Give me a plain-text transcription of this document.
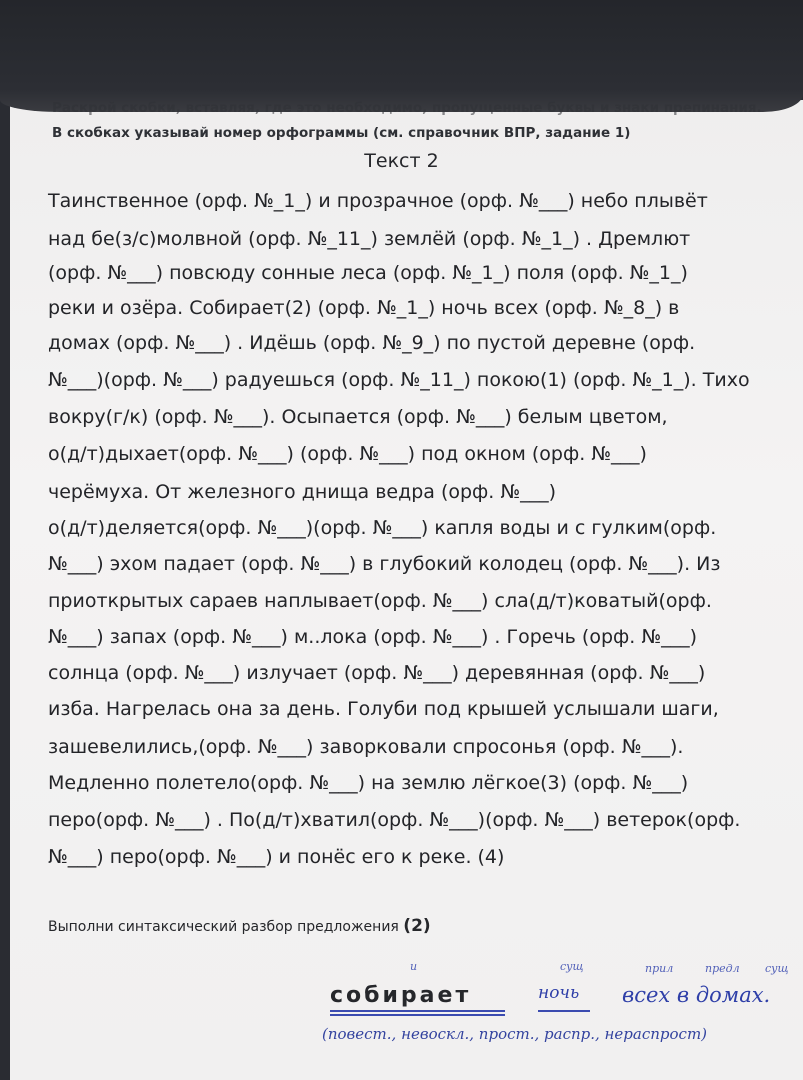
Раскрой скобки, вставляя, где это необходимо, пропущенные буквы и знаки препинания.
В скобках указывай номер орфограммы (см. справочник ВПР, задание 1)
Текст 2
Таинственное (орф. №_1_) и прозрачное (орф. №___) небо плывёт
над бе(з/с)молвной (орф. №_11_) землёй (орф. №_1_) . Дремлют
(орф. №___) повсюду сонные леса (орф. №_1_) поля (орф. №_1_)
реки и озёра. Собирает(2) (орф. №_1_) ночь всех (орф. №_8_) в
домах (орф. №___) . Идёшь (орф. №_9_) по пустой деревне (орф.
№___)(орф. №___) радуешься (орф. №_11_) покою(1) (орф. №_1_). Тихо
вокру(г/к) (орф. №___). Осыпается (орф. №___) белым цветом,
о(д/т)дыхает(орф. №___) (орф. №___) под окном (орф. №___)
черёмуха. От железного днища ведра (орф. №___)
о(д/т)деляется(орф. №___)(орф. №___) капля воды и с гулким(орф.
№___) эхом падает (орф. №___) в глубокий колодец (орф. №___). Из
приоткрытых сараев наплывает(орф. №___) сла(д/т)коватый(орф.
№___) запах (орф. №___) м..лока (орф. №___) . Горечь (орф. №___)
солнца (орф. №___) излучает (орф. №___) деревянная (орф. №___)
изба. Нагрелась она за день. Голуби под крышей услышали шаги,
зашевелились,(орф. №___) заворковали спросонья (орф. №___).
Медленно полетело(орф. №___) на землю лёгкое(3) (орф. №___)
перо(орф. №___) . По(д/т)хватил(орф. №___)(орф. №___) ветерок(орф.
№___) перо(орф. №___) и понёс его к реке. (4)
Выполни синтаксический разбор предложения (2)
и	сущ	прил	предл сущ
собирает	ночь всех в домах.
(повест., невоскл., прост., распр., нераспрост)
